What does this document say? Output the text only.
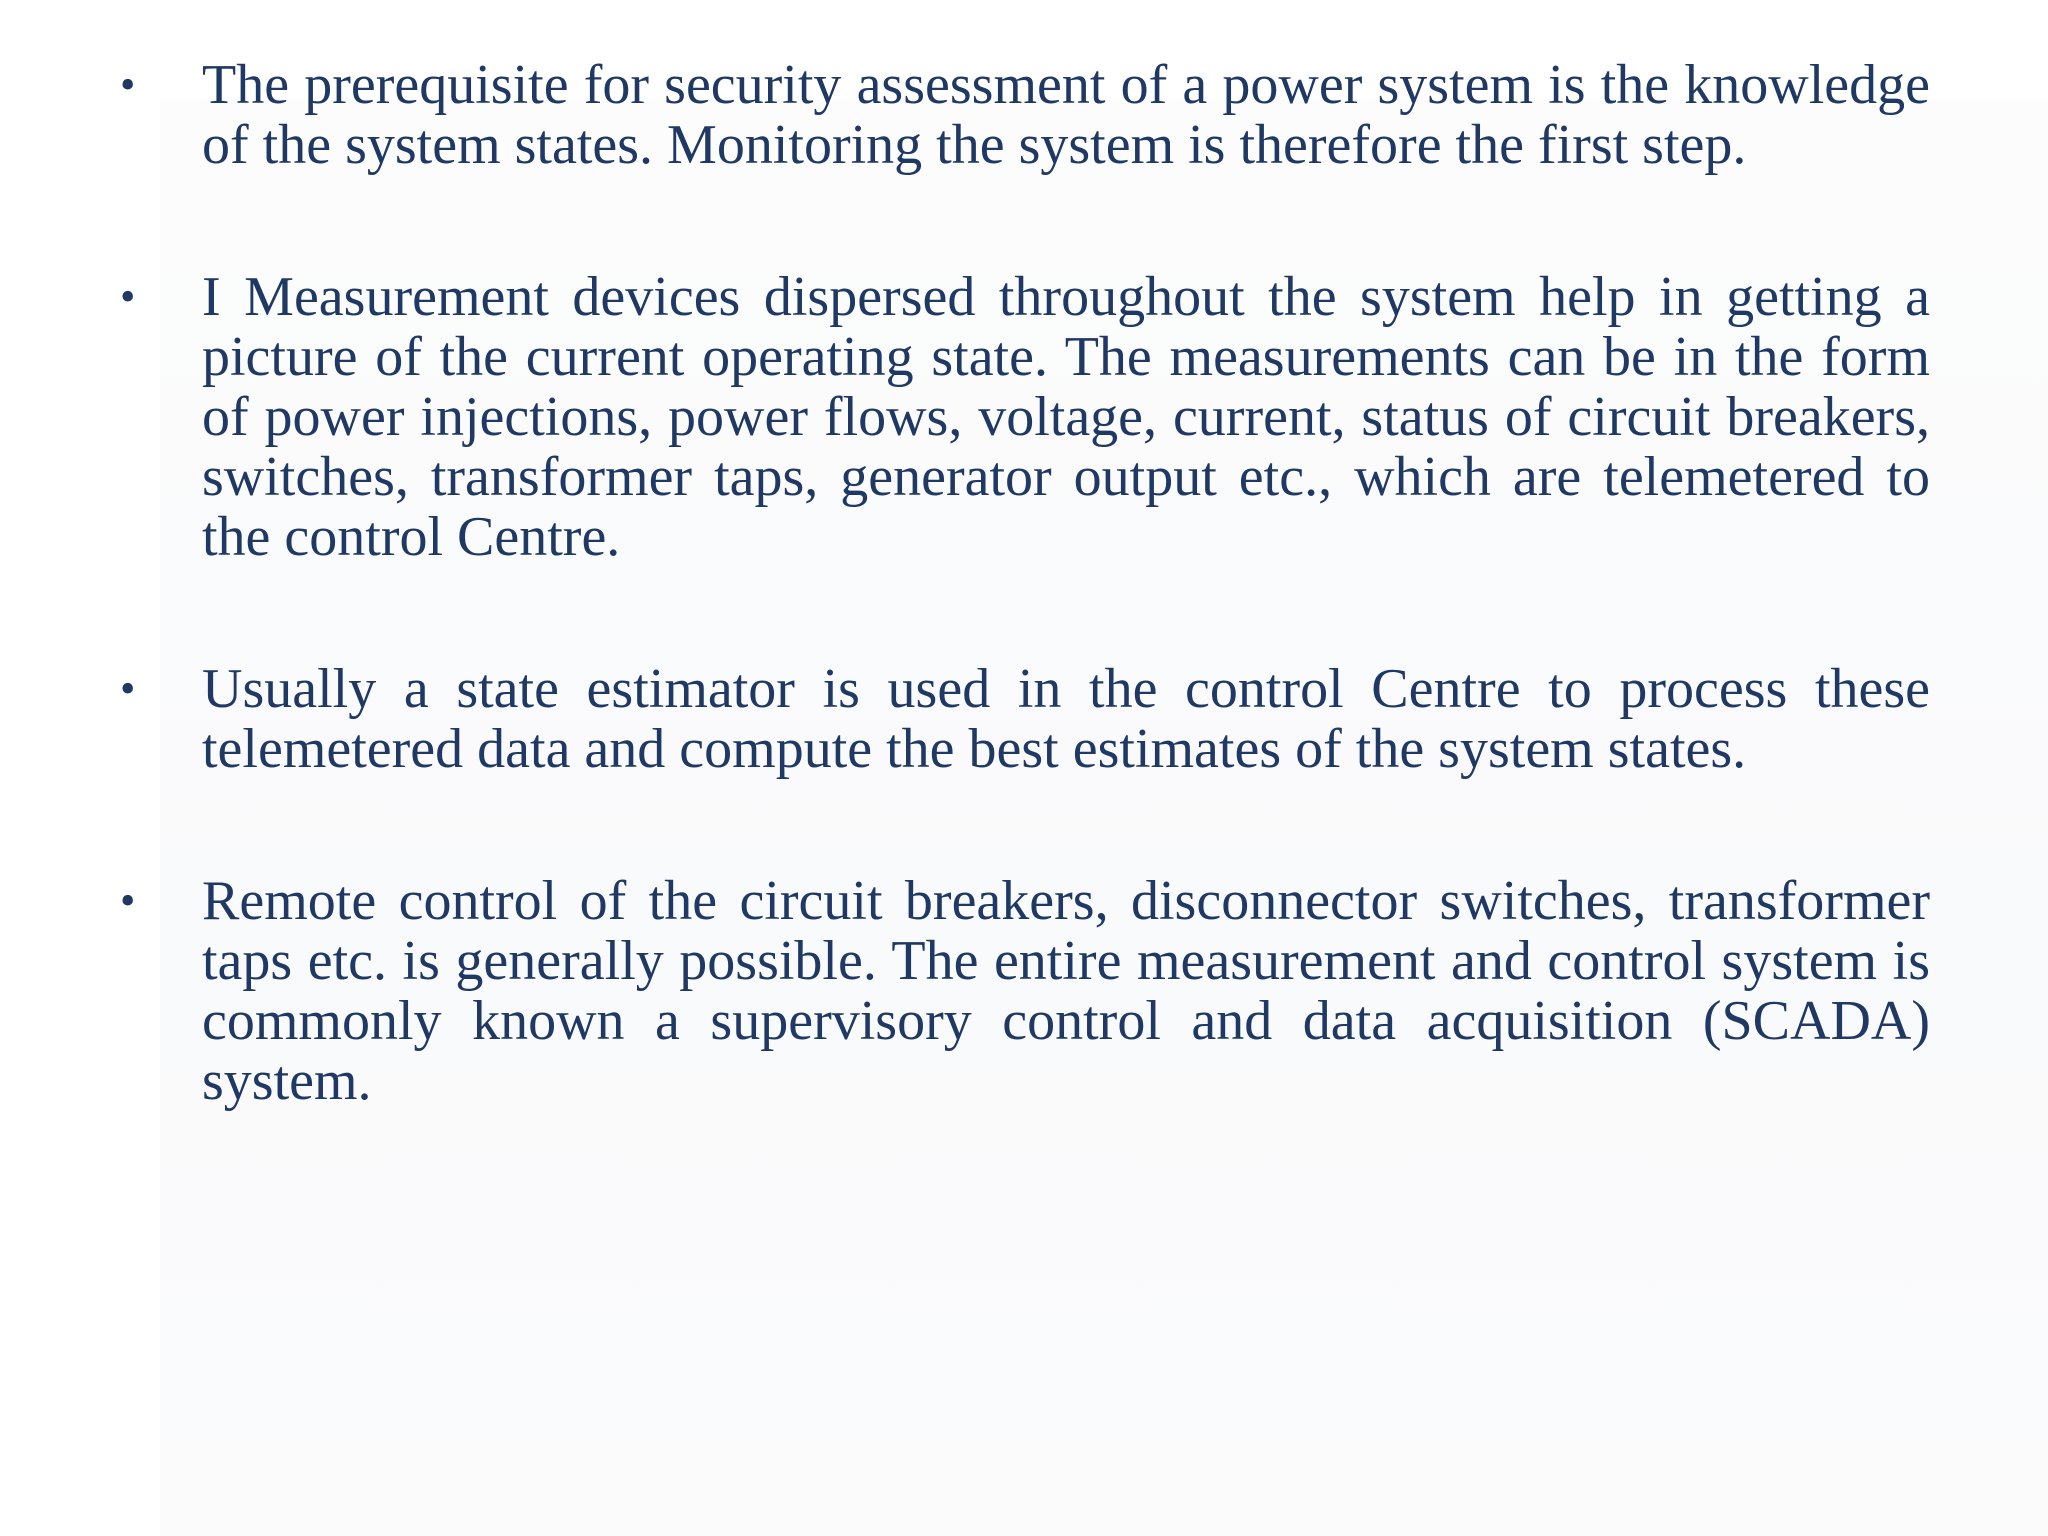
•	The prerequisite for security assessment of a power system is the knowledge of the system states. Monitoring the system is therefore the first step.
•	I Measurement devices dispersed throughout the system help in getting a picture of the current operating state. The measurements can be in the form of power injections, power flows, voltage, current, status of circuit breakers, switches, transformer taps, generator output etc., which are telemetered to the control Centre.
•	Usually a state estimator is used in the control Centre to process these telemetered data and compute the best estimates of the system states.
•	Remote control of the circuit breakers, disconnector switches, transformer taps etc. is generally possible. The entire measurement and control system is commonly known a supervisory control and data acquisition (SCADA) system.
